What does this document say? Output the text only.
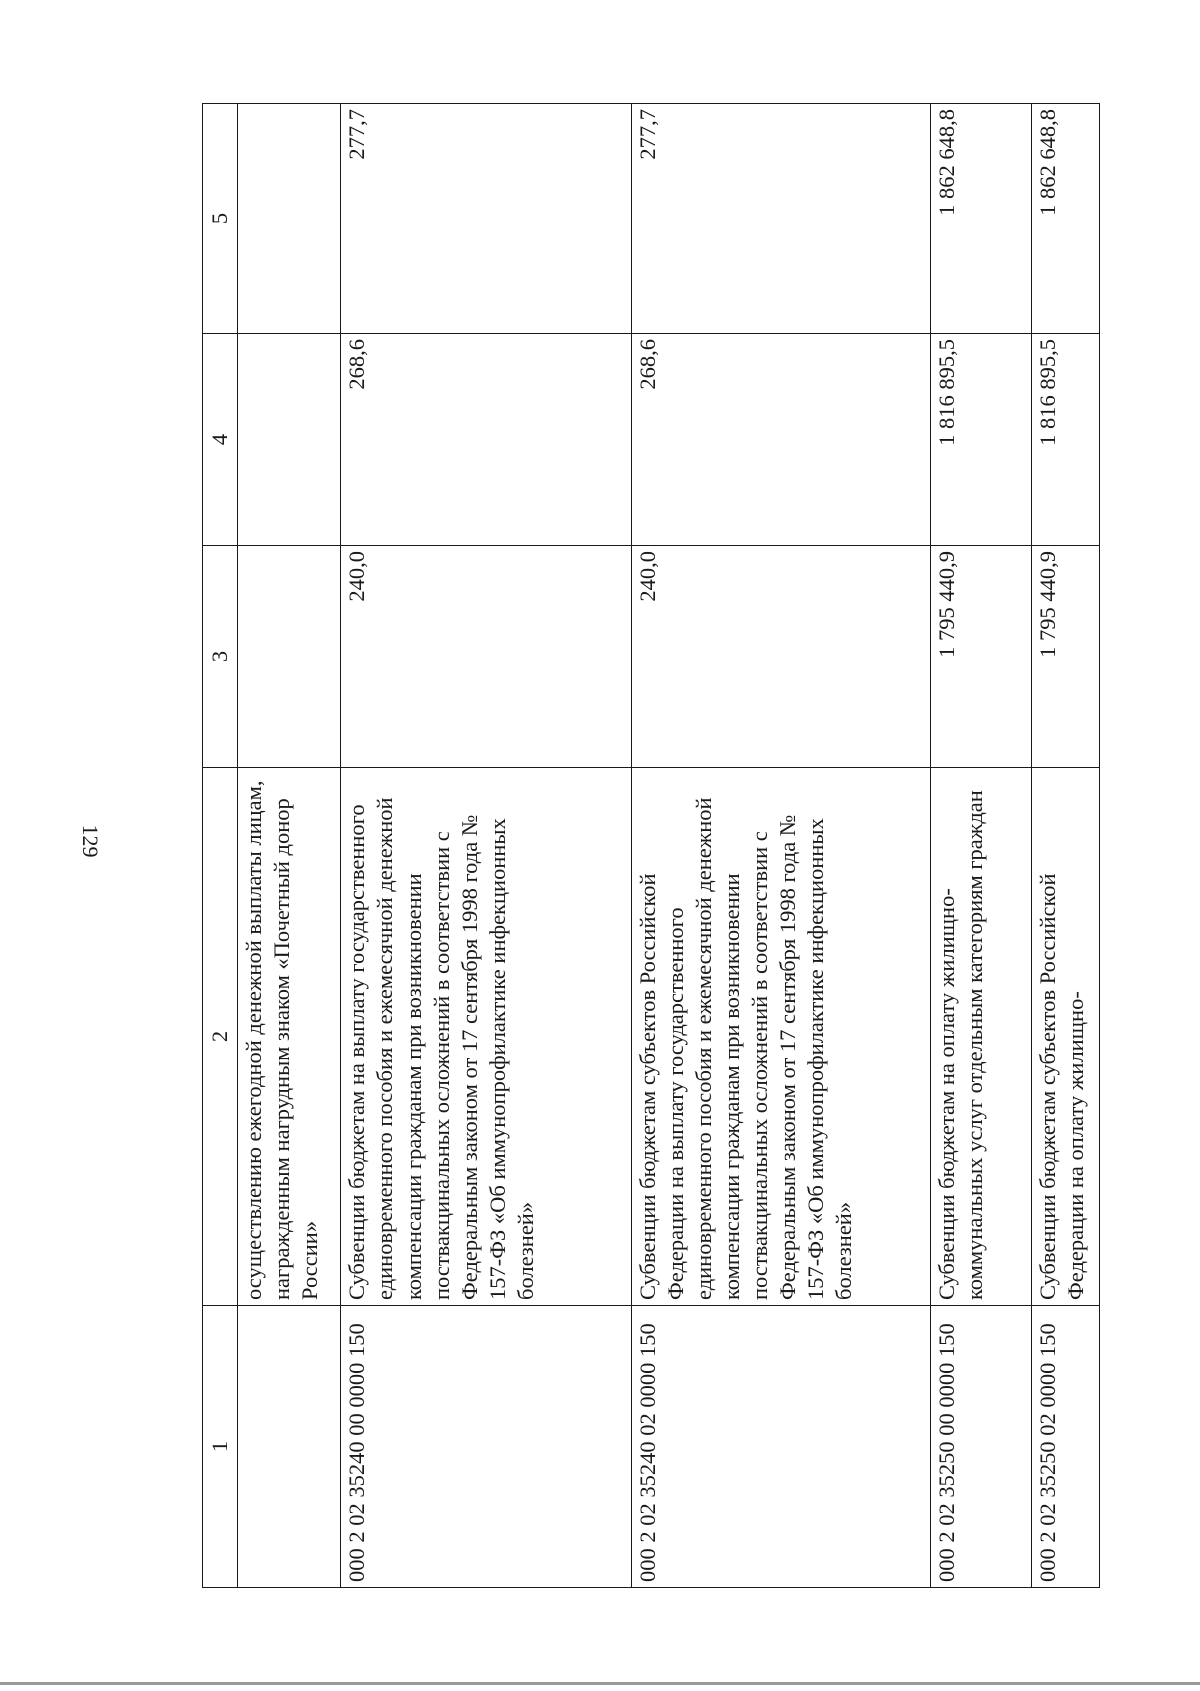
129
1	2	3	4	5
	осуществлению ежегодной денежной выплаты лицам, награжденным нагрудным знаком «Почетный донор России»			
000 2 02 35240 00 0000 150	Субвенции бюджетам на выплату государственного единовременного пособия и ежемесячной денежной компенсации гражданам при возникновении поствакцинальных осложнений в соответствии с Федеральным законом от 17 сентября 1998 года № 157-ФЗ «Об иммунопрофилактике инфекционных болезней»	240,0	268,6	277,7
000 2 02 35240 02 0000 150	Субвенции бюджетам субъектов Российской Федерации на выплату государственного единовременного пособия и ежемесячной денежной компенсации гражданам при возникновении поствакцинальных осложнений в соответствии с Федеральным законом от 17 сентября 1998 года № 157-ФЗ «Об иммунопрофилактике инфекционных болезней»	240,0	268,6	277,7
000 2 02 35250 00 0000 150	Субвенции бюджетам на оплату жилищно-коммунальных услуг отдельным категориям граждан	1 795 440,9	1 816 895,5	1 862 648,8
000 2 02 35250 02 0000 150	Субвенции бюджетам субъектов Российской Федерации на оплату жилищно-	1 795 440,9	1 816 895,5	1 862 648,8
